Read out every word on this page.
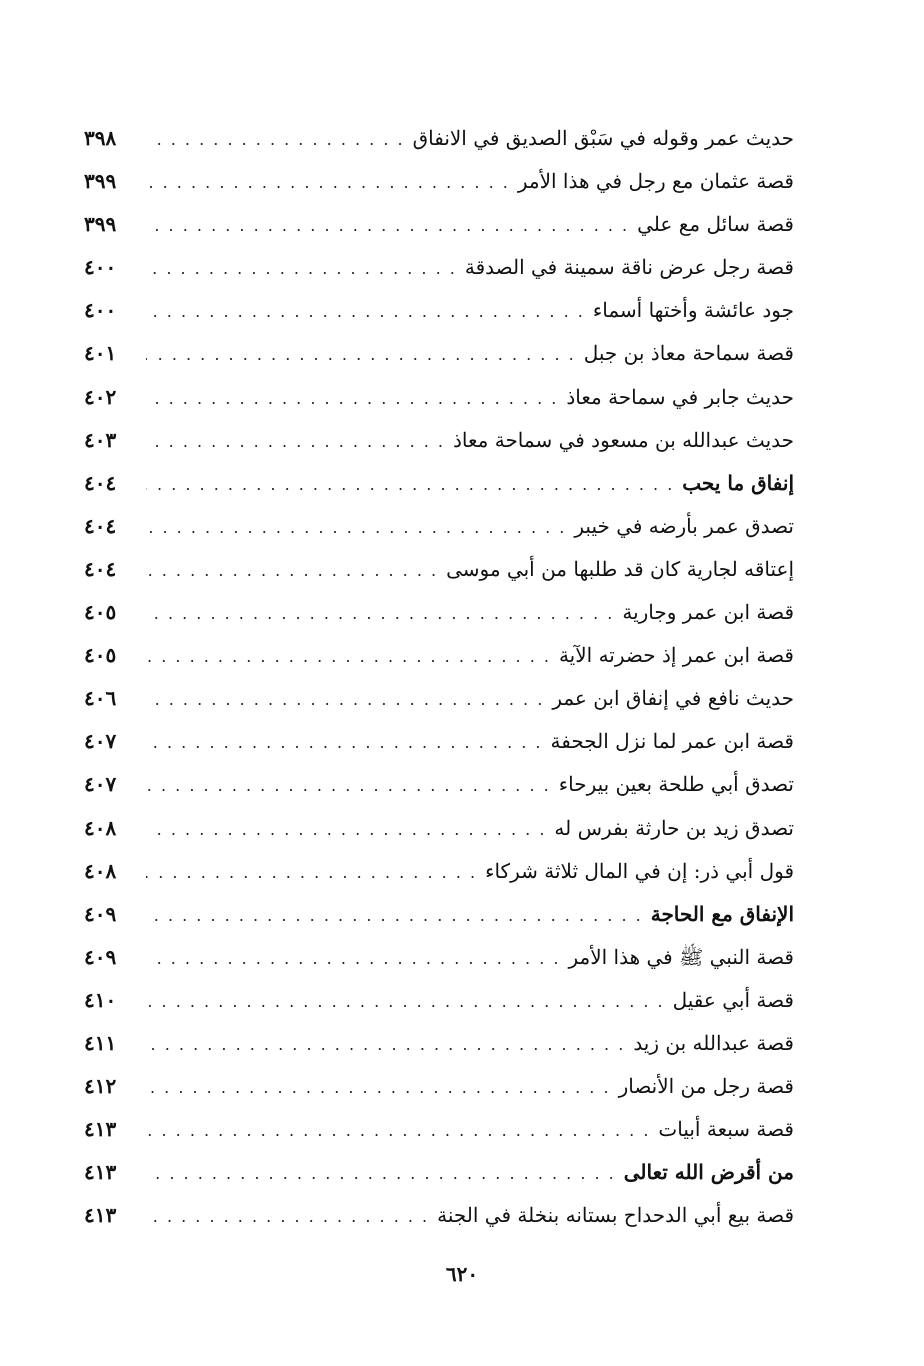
حديث عمر وقوله في سَبْق الصديق في الانفاق
. . .
٣٩٨
قصة عثمان مع رجل في هذا الأمر
. . .
٣٩٩
قصة سائل مع علي
. . .
٣٩٩
قصة رجل عرض ناقة سمينة في الصدقة
. . .
٤٠٠
جود عائشة وأختها أسماء
. . .
٤٠٠
قصة سماحة معاذ بن جبل
. . .
٤٠١
حديث جابر في سماحة معاذ
. . .
٤٠٢
حديث عبدالله بن مسعود في سماحة معاذ
. . .
٤٠٣
إنفاق ما يحب
. . .
٤٠٤
تصدق عمر بأرضه في خيبر
. . .
٤٠٤
إعتاقه لجارية كان قد طلبها من أبي موسى
. . .
٤٠٤
قصة ابن عمر وجارية
. . .
٤٠٥
قصة ابن عمر إذ حضرته الآية
. . .
٤٠٥
حديث نافع في إنفاق ابن عمر
. . .
٤٠٦
قصة ابن عمر لما نزل الجحفة
. . .
٤٠٧
تصدق أبي طلحة بعين بيرحاء
. . .
٤٠٧
تصدق زيد بن حارثة بفرس له
. . .
٤٠٨
قول أبي ذر: إن في المال ثلاثة شركاء
. . .
٤٠٨
الإنفاق مع الحاجة
. . .
٤٠٩
قصة النبي ﷺ في هذا الأمر
. . .
٤٠٩
قصة أبي عقيل
. . .
٤١٠
قصة عبدالله بن زيد
. . .
٤١١
قصة رجل من الأنصار
. . .
٤١٢
قصة سبعة أبيات
. . .
٤١٣
من أقرض الله تعالى
. . .
٤١٣
قصة بيع أبي الدحداح بستانه بنخلة في الجنة
. . .
٤١٣
٦٢٠
